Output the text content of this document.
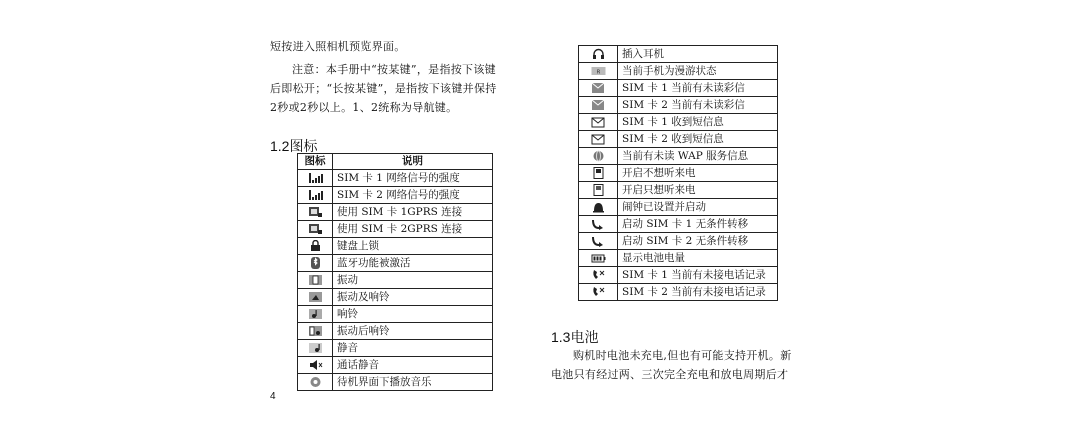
短按进入照相机预览界面。
注意：本手册中“按某键”，是指按下该键
后即松开；“长按某键”，是指按下该键并保持
2秒或2秒以上。1、2统称为导航键。
1.2图标
图标	说明
	SIM 卡 1 网络信号的强度
	SIM 卡 2 网络信号的强度
	使用 SIM 卡 1GPRS 连接
	使用 SIM 卡 2GPRS 连接
	键盘上锁
	蓝牙功能被激活
	振动
	振动及响铃
	响铃
	振动后响铃
	静音
	通话静音
	待机界面下播放音乐
4
	插入耳机

R	当前手机为漫游状态
	SIM 卡 1 当前有未读彩信
	SIM 卡 2 当前有未读彩信
	SIM 卡 1 收到短信息
	SIM 卡 2 收到短信息
	当前有未读 WAP 服务信息
	开启不想听来电
	开启只想听来电
	闹钟已设置并启动
	启动 SIM 卡 1 无条件转移
	启动 SIM 卡 2 无条件转移
	显示电池电量
	SIM 卡 1 当前有未接电话记录
	SIM 卡 2 当前有未接电话记录
1.3电池
购机时电池未充电,但也有可能支持开机。新
电池只有经过两、三次完全充电和放电周期后才
